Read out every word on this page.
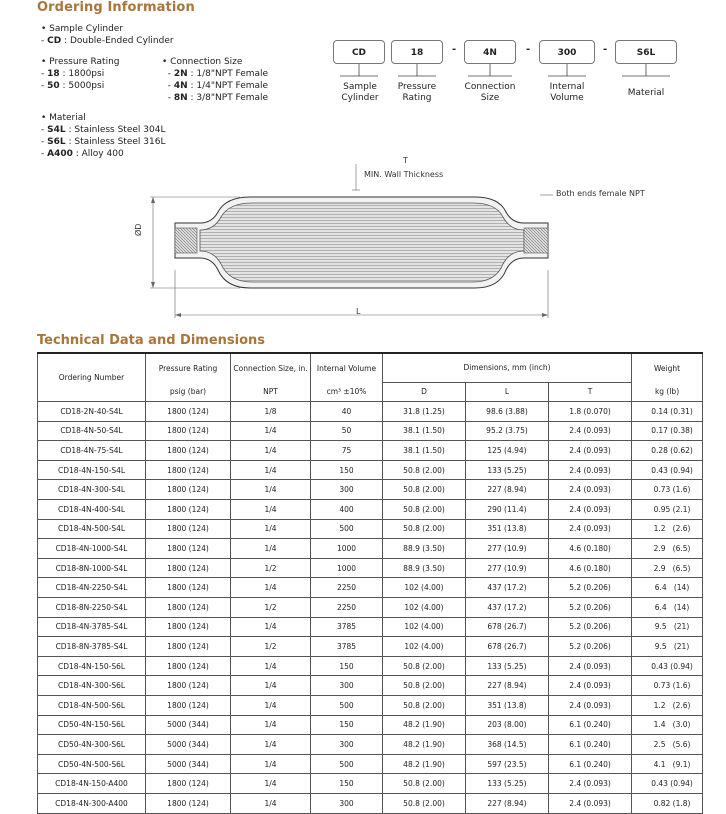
Ordering Information
• Sample Cylinder
- CD : Double-Ended Cylinder
• Pressure Rating
- 18 : 1800psi
- 50 : 5000psi
• Connection Size
- 2N : 1/8"NPT Female
- 4N : 1/4"NPT Female
- 8N : 3/8"NPT Female
• Material
- S4L : Stainless Steel 304L
- S6L : Stainless Steel 316L
- A400 : Alloy 400
CD	18	-	4N	-	300	-	S6L
Sample
Cylinder
Pressure
Rating
Connection
Size
Internal
Volume	Material
T
MIN. Wall Thickness
Both ends female NPT
ØD
L
Technical Data and Dimensions
Ordering Number	Pressure Rating	Connection Size, in.	Internal Volume	Dimensions, mm (inch)			Weight
	psig (bar)	NPT	cm³ ±10%	D	L	T	kg (lb)
CD18-2N-40-S4L	1800 (124)	1/8	40	31.8 (1.25)	98.6 (3.88)	1.8 (0.070)	0.14 (0.31)
CD18-4N-50-S4L	1800 (124)	1/4	50	38.1 (1.50)	95.2 (3.75)	2.4 (0.093)	0.17 (0.38)
CD18-4N-75-S4L	1800 (124)	1/4	75	38.1 (1.50)	125 (4.94)	2.4 (0.093)	0.28 (0.62)
CD18-4N-150-S4L	1800 (124)	1/4	150	50.8 (2.00)	133 (5.25)	2.4 (0.093)	0.43 (0.94)
CD18-4N-300-S4L	1800 (124)	1/4	300	50.8 (2.00)	227 (8.94)	2.4 (0.093)	0.73 (1.6)
CD18-4N-400-S4L	1800 (124)	1/4	400	50.8 (2.00)	290 (11.4)	2.4 (0.093)	0.95 (2.1)
CD18-4N-500-S4L	1800 (124)	1/4	500	50.8 (2.00)	351 (13.8)	2.4 (0.093)	1.2   (2.6)
CD18-4N-1000-S4L	1800 (124)	1/4	1000	88.9 (3.50)	277 (10.9)	4.6 (0.180)	2.9   (6.5)
CD18-8N-1000-S4L	1800 (124)	1/2	1000	88.9 (3.50)	277 (10.9)	4.6 (0.180)	2.9   (6.5)
CD18-4N-2250-S4L	1800 (124)	1/4	2250	102 (4.00)	437 (17.2)	5.2 (0.206)	6.4   (14)
CD18-8N-2250-S4L	1800 (124)	1/2	2250	102 (4.00)	437 (17.2)	5.2 (0.206)	6.4   (14)
CD18-4N-3785-S4L	1800 (124)	1/4	3785	102 (4.00)	678 (26.7)	5.2 (0.206)	9.5   (21)
CD18-8N-3785-S4L	1800 (124)	1/2	3785	102 (4.00)	678 (26.7)	5.2 (0.206)	9.5   (21)
CD18-4N-150-S6L	1800 (124)	1/4	150	50.8 (2.00)	133 (5.25)	2.4 (0.093)	0.43 (0.94)
CD18-4N-300-S6L	1800 (124)	1/4	300	50.8 (2.00)	227 (8.94)	2.4 (0.093)	0.73 (1.6)
CD18-4N-500-S6L	1800 (124)	1/4	500	50.8 (2.00)	351 (13.8)	2.4 (0.093)	1.2   (2.6)
CD50-4N-150-S6L	5000 (344)	1/4	150	48.2 (1.90)	203 (8.00)	6.1 (0.240)	1.4   (3.0)
CD50-4N-300-S6L	5000 (344)	1/4	300	48.2 (1.90)	368 (14.5)	6.1 (0.240)	2.5   (5.6)
CD50-4N-500-S6L	5000 (344)	1/4	500	48.2 (1.90)	597 (23.5)	6.1 (0.240)	4.1   (9.1)
CD18-4N-150-A400	1800 (124)	1/4	150	50.8 (2.00)	133 (5.25)	2.4 (0.093)	0.43 (0.94)
CD18-4N-300-A400	1800 (124)	1/4	300	50.8 (2.00)	227 (8.94)	2.4 (0.093)	0.82 (1.8)
